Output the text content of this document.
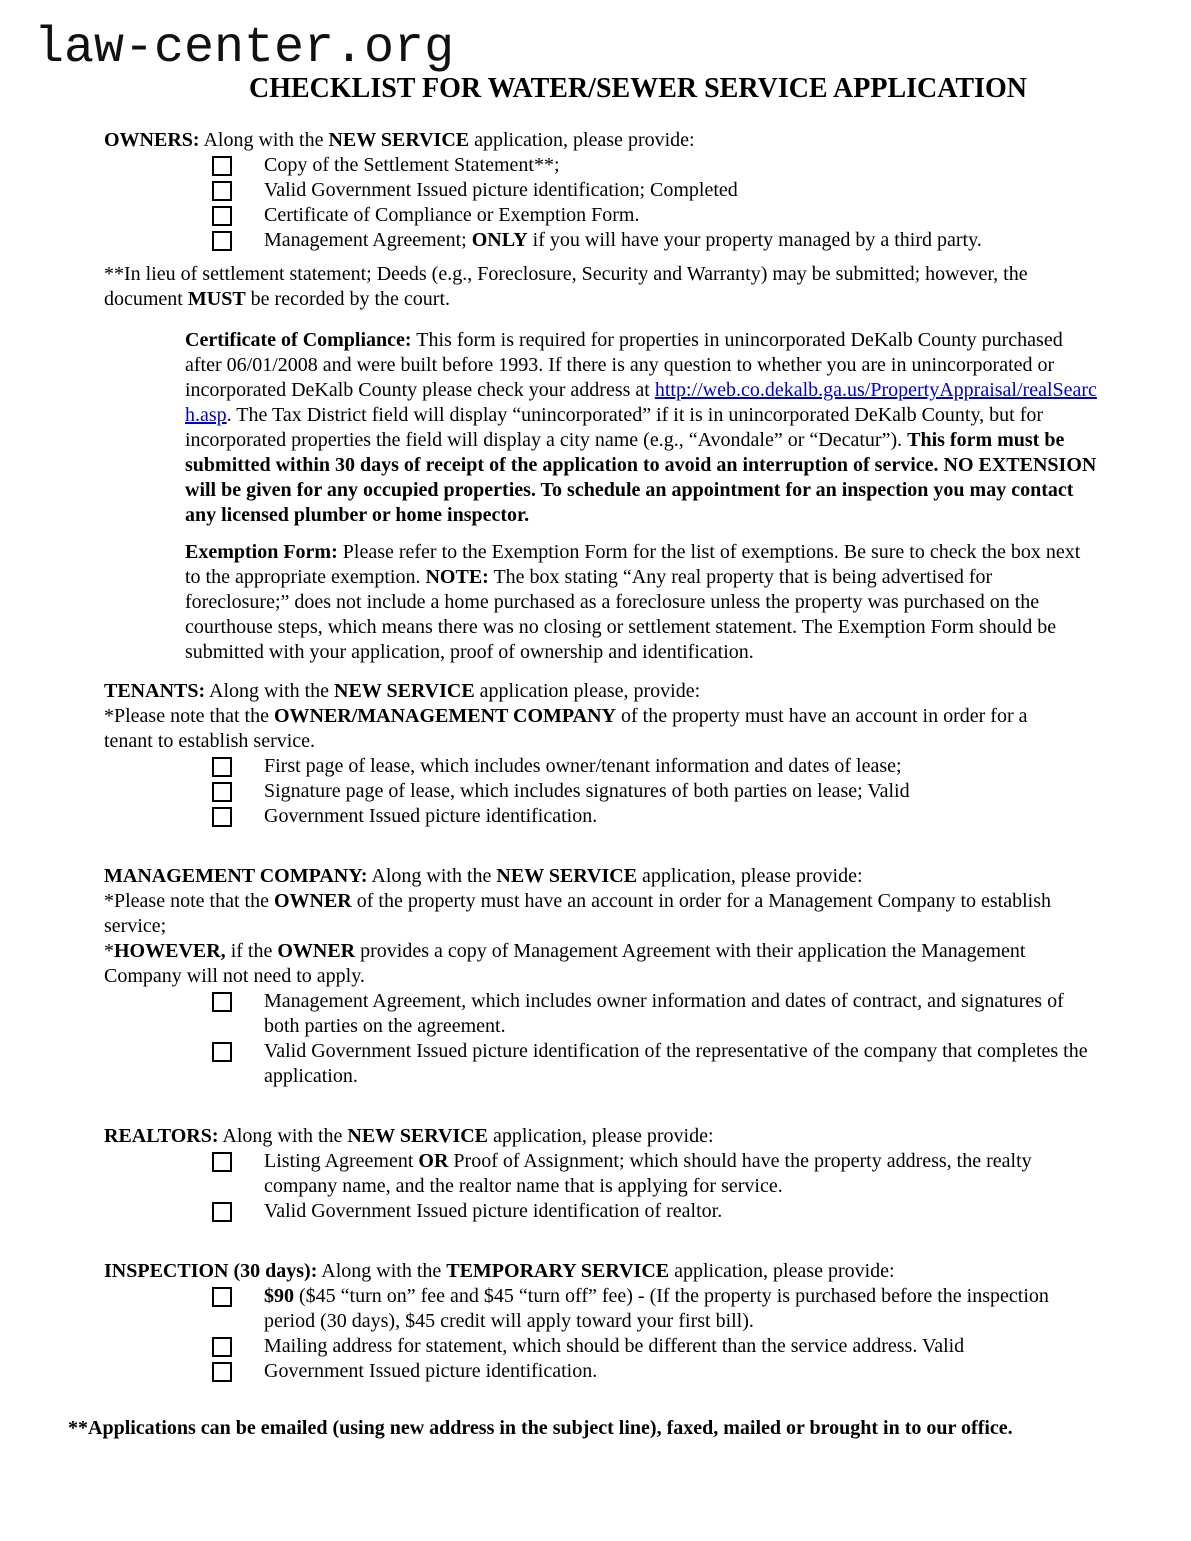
law-center.org
CHECKLIST FOR WATER/SEWER SERVICE APPLICATION

OWNERS: Along with the NEW SERVICE application, please provide:

Copy of the Settlement Statement**;
Valid Government Issued picture identification; Completed
Certificate of Compliance or Exemption Form.
Management Agreement; ONLY if you will have your property managed by a third party.

**In lieu of settlement statement; Deeds (e.g., Foreclosure, Security and Warranty) may be submitted; however, the document MUST be recorded by the court.

Certificate of Compliance: This form is required for properties in unincorporated DeKalb County purchased after 06/01/2008 and were built before 1993. If there is any question to whether you are in unincorporated or incorporated DeKalb County please check your address at http://web.co.dekalb.ga.us/PropertyAppraisal/realSearch.asp. The Tax District field will display “unincorporated” if it is in unincorporated DeKalb County, but for incorporated properties the field will display a city name (e.g., “Avondale” or “Decatur”). This form must be submitted within 30 days of receipt of the application to avoid an interruption of service. NO EXTENSION will be given for any occupied properties. To schedule an appointment for an inspection you may contact any licensed plumber or home inspector.

Exemption Form: Please refer to the Exemption Form for the list of exemptions. Be sure to check the box next to the appropriate exemption. NOTE: The box stating “Any real property that is being advertised for foreclosure;” does not include a home purchased as a foreclosure unless the property was purchased on the courthouse steps, which means there was no closing or settlement statement. The Exemption Form should be submitted with your application, proof of ownership and identification.

TENANTS: Along with the NEW SERVICE application please, provide:

*Please note that the OWNER/MANAGEMENT COMPANY of the property must have an account in order for a tenant to establish service.

First page of lease, which includes owner/tenant information and dates of lease;
Signature page of lease, which includes signatures of both parties on lease; Valid
Government Issued picture identification.

MANAGEMENT COMPANY: Along with the NEW SERVICE application, please provide:

*Please note that the OWNER of the property must have an account in order for a Management Company to establish service;

*HOWEVER, if the OWNER provides a copy of Management Agreement with their application the Management Company will not need to apply.

Management Agreement, which includes owner information and dates of contract, and signatures of both parties on the agreement.
Valid Government Issued picture identification of the representative of the company that completes the application.

REALTORS: Along with the NEW SERVICE application, please provide:

Listing Agreement OR Proof of Assignment; which should have the property address, the realty company name, and the realtor name that is applying for service.
Valid Government Issued picture identification of realtor.

INSPECTION (30 days): Along with the TEMPORARY SERVICE application, please provide:

$90 ($45 “turn on” fee and $45 “turn off” fee) - (If the property is purchased before the inspection period (30 days), $45 credit will apply toward your first bill).
Mailing address for statement, which should be different than the service address. Valid
Government Issued picture identification.

**Applications can be emailed (using new address in the subject line), faxed, mailed or brought in to our office.
